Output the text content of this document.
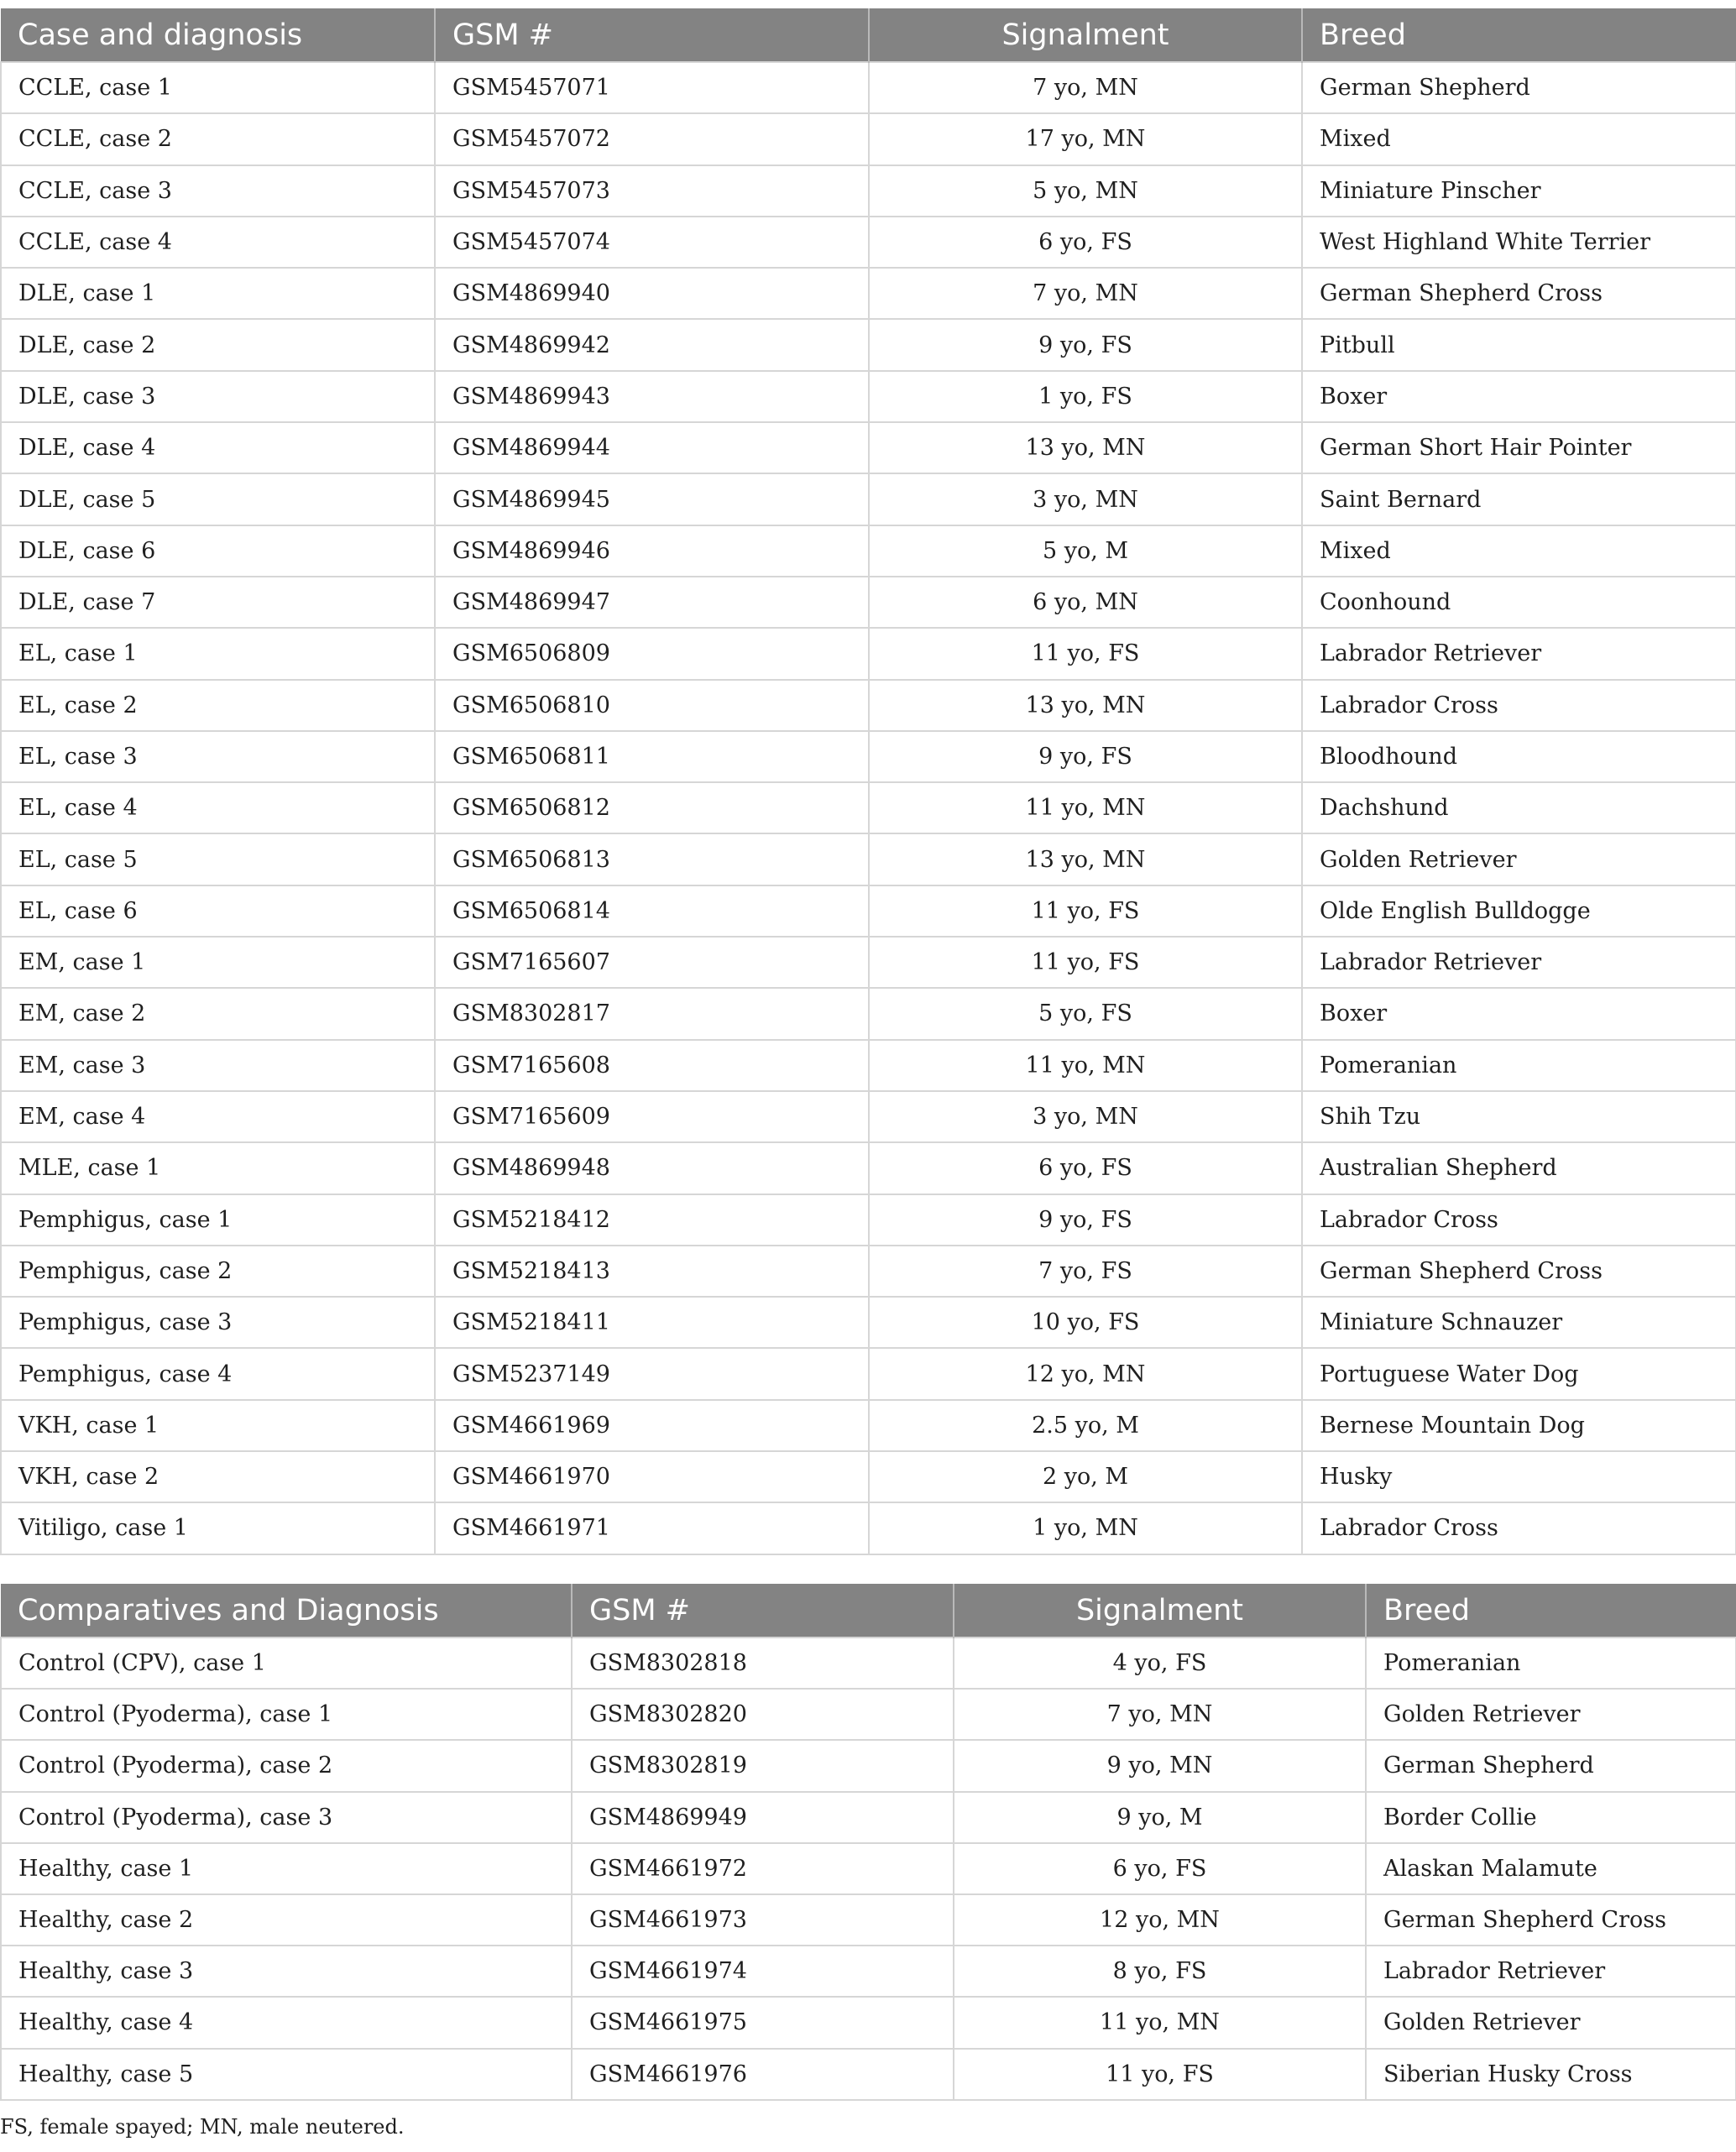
Case and diagnosis	GSM #	Signalment	Breed
CCLE, case 1	GSM5457071	7 yo, MN	German Shepherd
CCLE, case 2	GSM5457072	17 yo, MN	Mixed
CCLE, case 3	GSM5457073	5 yo, MN	Miniature Pinscher
CCLE, case 4	GSM5457074	6 yo, FS	West Highland White Terrier
DLE, case 1	GSM4869940	7 yo, MN	German Shepherd Cross
DLE, case 2	GSM4869942	9 yo, FS	Pitbull
DLE, case 3	GSM4869943	1 yo, FS	Boxer
DLE, case 4	GSM4869944	13 yo, MN	German Short Hair Pointer
DLE, case 5	GSM4869945	3 yo, MN	Saint Bernard
DLE, case 6	GSM4869946	5 yo, M	Mixed
DLE, case 7	GSM4869947	6 yo, MN	Coonhound
EL, case 1	GSM6506809	11 yo, FS	Labrador Retriever
EL, case 2	GSM6506810	13 yo, MN	Labrador Cross
EL, case 3	GSM6506811	9 yo, FS	Bloodhound
EL, case 4	GSM6506812	11 yo, MN	Dachshund
EL, case 5	GSM6506813	13 yo, MN	Golden Retriever
EL, case 6	GSM6506814	11 yo, FS	Olde English Bulldogge
EM, case 1	GSM7165607	11 yo, FS	Labrador Retriever
EM, case 2	GSM8302817	5 yo, FS	Boxer
EM, case 3	GSM7165608	11 yo, MN	Pomeranian
EM, case 4	GSM7165609	3 yo, MN	Shih Tzu
MLE, case 1	GSM4869948	6 yo, FS	Australian Shepherd
Pemphigus, case 1	GSM5218412	9 yo, FS	Labrador Cross
Pemphigus, case 2	GSM5218413	7 yo, FS	German Shepherd Cross
Pemphigus, case 3	GSM5218411	10 yo, FS	Miniature Schnauzer
Pemphigus, case 4	GSM5237149	12 yo, MN	Portuguese Water Dog
VKH, case 1	GSM4661969	2.5 yo, M	Bernese Mountain Dog
VKH, case 2	GSM4661970	2 yo, M	Husky
Vitiligo, case 1	GSM4661971	1 yo, MN	Labrador Cross
Comparatives and Diagnosis	GSM #	Signalment	Breed
Control (CPV), case 1	GSM8302818	4 yo, FS	Pomeranian
Control (Pyoderma), case 1	GSM8302820	7 yo, MN	Golden Retriever
Control (Pyoderma), case 2	GSM8302819	9 yo, MN	German Shepherd
Control (Pyoderma), case 3	GSM4869949	9 yo, M	Border Collie
Healthy, case 1	GSM4661972	6 yo, FS	Alaskan Malamute
Healthy, case 2	GSM4661973	12 yo, MN	German Shepherd Cross
Healthy, case 3	GSM4661974	8 yo, FS	Labrador Retriever
Healthy, case 4	GSM4661975	11 yo, MN	Golden Retriever
Healthy, case 5	GSM4661976	11 yo, FS	Siberian Husky Cross
FS, female spayed; MN, male neutered.
